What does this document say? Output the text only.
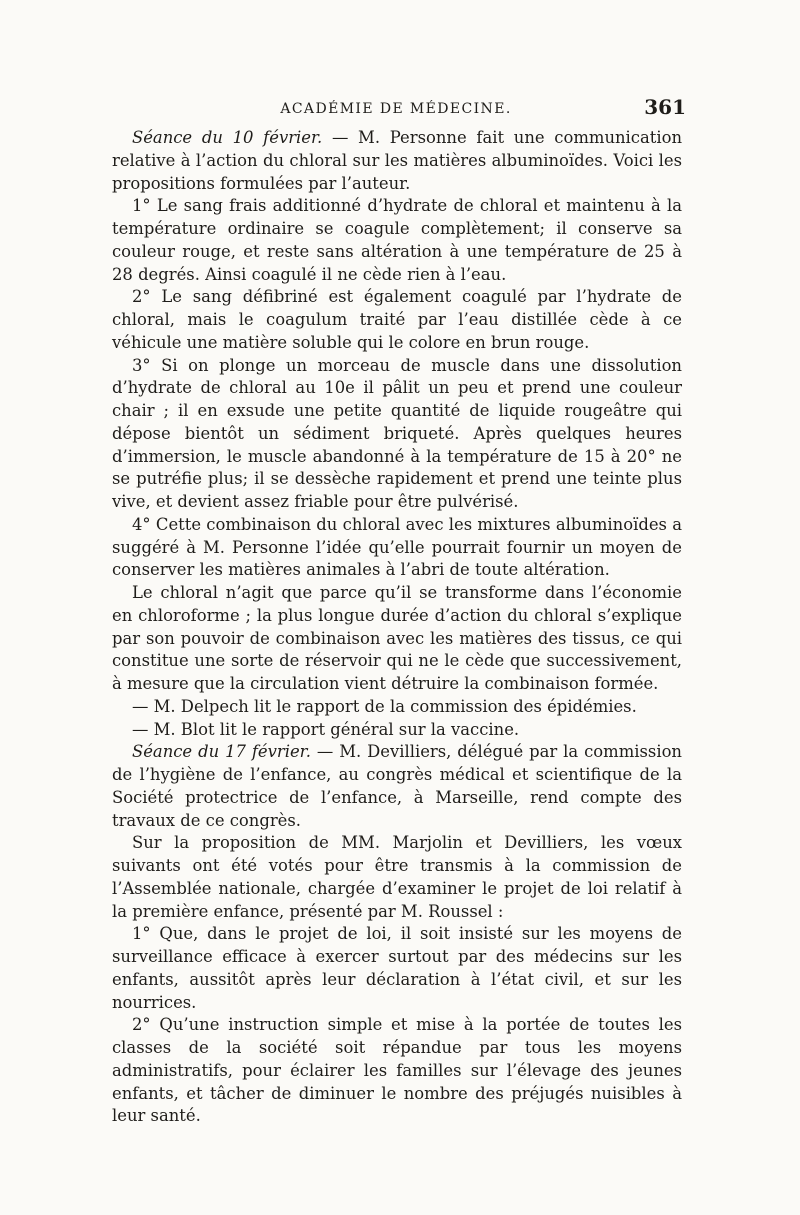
ACADÉMIE DE MÉDECINE.	361

Séance du 10 février. — M. Personne fait une communication relative à l’action du chloral sur les matières albuminoïdes. Voici les propositions formulées par l’auteur.

1° Le sang frais additionné d’hydrate de chloral et maintenu à la température ordinaire se coagule complètement; il conserve sa couleur rouge, et reste sans altération à une température de 25 à 28 degrés. Ainsi coagulé il ne cède rien à l’eau.

2° Le sang défibriné est également coagulé par l’hydrate de chloral, mais le coagulum traité par l’eau distillée cède à ce véhicule une matière soluble qui le colore en brun rouge.

3° Si on plonge un morceau de muscle dans une dissolution d’hydrate de chloral au 10e il pâlit un peu et prend une couleur chair ; il en exsude une petite quantité de liquide rougeâtre qui dépose bientôt un sédiment briqueté. Après quelques heures d’immersion, le muscle abandonné à la température de 15 à 20° ne se putréfie plus; il se dessèche rapidement et prend une teinte plus vive, et devient assez friable pour être pulvérisé.

4° Cette combinaison du chloral avec les mixtures albuminoïdes a suggéré à M. Personne l’idée qu’elle pourrait fournir un moyen de conserver les matières animales à l’abri de toute altération.

Le chloral n’agit que parce qu’il se transforme dans l’économie en chloroforme ; la plus longue durée d’action du chloral s’explique par son pouvoir de combinaison avec les matières des tissus, ce qui constitue une sorte de réservoir qui ne le cède que successivement, à mesure que la circulation vient détruire la combinaison formée.

— M. Delpech lit le rapport de la commission des épidémies.

— M. Blot lit le rapport général sur la vaccine.

Séance du 17 février. — M. Devilliers, délégué par la commission de l’hygiène de l’enfance, au congrès médical et scientifique de la Société protectrice de l’enfance, à Marseille, rend compte des travaux de ce congrès.

Sur la proposition de MM. Marjolin et Devilliers, les vœux suivants ont été votés pour être transmis à la commission de l’Assemblée nationale, chargée d’examiner le projet de loi relatif à la première enfance, présenté par M. Roussel :

1° Que, dans le projet de loi, il soit insisté sur les moyens de surveillance efficace à exercer surtout par des médecins sur les enfants, aussitôt après leur déclaration à l’état civil, et sur les nourrices.

2° Qu’une instruction simple et mise à la portée de toutes les classes de la société soit répandue par tous les moyens administratifs, pour éclairer les familles sur l’élevage des jeunes enfants, et tâcher de diminuer le nombre des préjugés nuisibles à leur santé.
